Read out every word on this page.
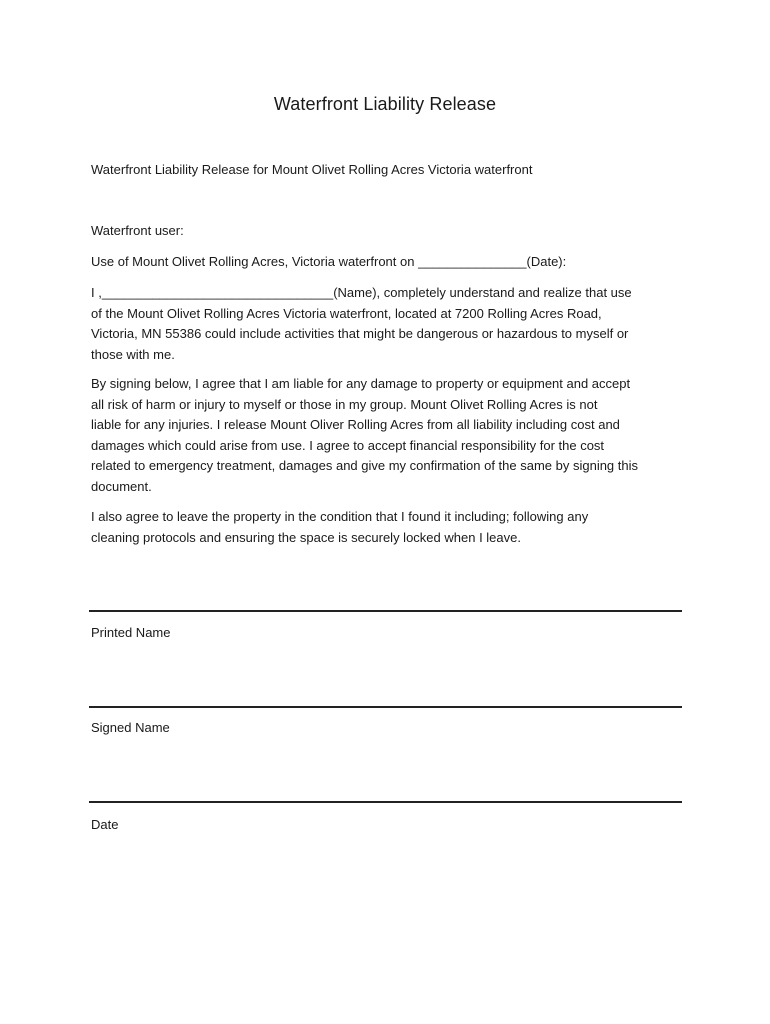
Waterfront Liability Release
Waterfront Liability Release for Mount Olivet Rolling Acres Victoria waterfront
Waterfront user:
Use of Mount Olivet Rolling Acres, Victoria waterfront on _______________(Date):
I ,________________________________(Name), completely understand and realize that use
of the Mount Olivet Rolling Acres Victoria waterfront, located at 7200 Rolling Acres Road,
Victoria, MN 55386 could include activities that might be dangerous or hazardous to myself or
those with me.
By signing below, I agree that I am liable for any damage to property or equipment and accept
all risk of harm or injury to myself or those in my group. Mount Olivet Rolling Acres is not
liable for any injuries. I release Mount Oliver Rolling Acres from all liability including cost and
damages which could arise from use. I agree to accept financial responsibility for the cost
related to emergency treatment, damages and give my confirmation of the same by signing this
document.
I also agree to leave the property in the condition that I found it including; following any
cleaning protocols and ensuring the space is securely locked when I leave.
Printed Name
Signed Name
Date
